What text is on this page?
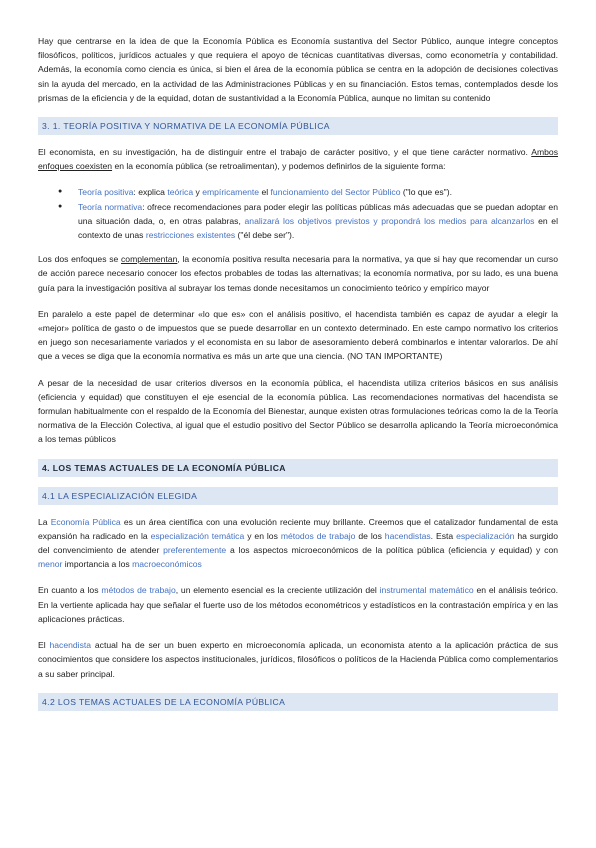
Hay que centrarse en la idea de que la Economía Pública es Economía sustantiva del Sector Público, aunque integre conceptos filosóficos, políticos, jurídicos actuales y que requiera el apoyo de técnicas cuantitativas diversas, como econometría y contabilidad. Además, la economía como ciencia es única, si bien el área de la economía pública se centra en la adopción de decisiones colectivas sin la ayuda del mercado, en la actividad de las Administraciones Públicas y en su financiación. Estos temas, contemplados desde los prismas de la eficiencia y de la equidad, dotan de sustantividad a la Economía Pública, aunque no limitan su contenido

3. 1. TEORÍA POSITIVA Y NORMATIVA DE LA ECONOMÍA PÚBLICA

El economista, en su investigación, ha de distinguir entre el trabajo de carácter positivo, y el que tiene carácter normativo. Ambos enfoques coexisten en la economía pública (se retroalimentan), y podemos definirlos de la siguiente forma:

● Teoría positiva: explica teórica y empíricamente el funcionamiento del Sector Público ("lo que es").
● Teoría normativa: ofrece recomendaciones para poder elegir las políticas públicas más adecuadas que se puedan adoptar en una situación dada, o, en otras palabras, analizará los objetivos previstos y propondrá los medios para alcanzarlos en el contexto de unas restricciones existentes ("él debe ser").

Los dos enfoques se complementan, la economía positiva resulta necesaria para la normativa, ya que si hay que recomendar un curso de acción parece necesario conocer los efectos probables de todas las alternativas; la economía normativa, por su lado, es una buena guía para la investigación positiva al subrayar los temas donde necesitamos un conocimiento teórico y empírico mayor

En paralelo a este papel de determinar «lo que es» con el análisis positivo, el hacendista también es capaz de ayudar a elegir la «mejor» política de gasto o de impuestos que se puede desarrollar en un contexto determinado. En este campo normativo los criterios en juego son necesariamente variados y el economista en su labor de asesoramiento deberá combinarlos e intentar valorarlos. De ahí que a veces se diga que la economía normativa es más un arte que una ciencia. (NO TAN IMPORTANTE)

A pesar de la necesidad de usar criterios diversos en la economía pública, el hacendista utiliza criterios básicos en sus análisis (eficiencia y equidad) que constituyen el eje esencial de la economía pública. Las recomendaciones normativas del hacendista se formulan habitualmente con el respaldo de la Economía del Bienestar, aunque existen otras formulaciones teóricas como la de la Teoría normativa de la Elección Colectiva, al igual que el estudio positivo del Sector Público se desarrolla aplicando la Teoría microeconómica a los temas públicos

4. LOS TEMAS ACTUALES DE LA ECONOMÍA PÚBLICA
4.1 LA ESPECIALIZACIÓN ELEGIDA

La Economía Pública es un área científica con una evolución reciente muy brillante. Creemos que el catalizador fundamental de esta expansión ha radicado en la especialización temática y en los métodos de trabajo de los hacendistas. Esta especialización ha surgido del convencimiento de atender preferentemente a los aspectos microeconómicos de la política pública (eficiencia y equidad) y con menor importancia a los macroeconómicos

En cuanto a los métodos de trabajo, un elemento esencial es la creciente utilización del instrumental matemático en el análisis teórico. En la vertiente aplicada hay que señalar el fuerte uso de los métodos econométricos y estadísticos en la contrastación empírica y en las aplicaciones prácticas.

El hacendista actual ha de ser un buen experto en microeconomía aplicada, un economista atento a la aplicación práctica de sus conocimientos que considere los aspectos institucionales, jurídicos, filosóficos o políticos de la Hacienda Pública como complementarios a su saber principal.

4.2 LOS TEMAS ACTUALES DE LA ECONOMÍA PÚBLICA
